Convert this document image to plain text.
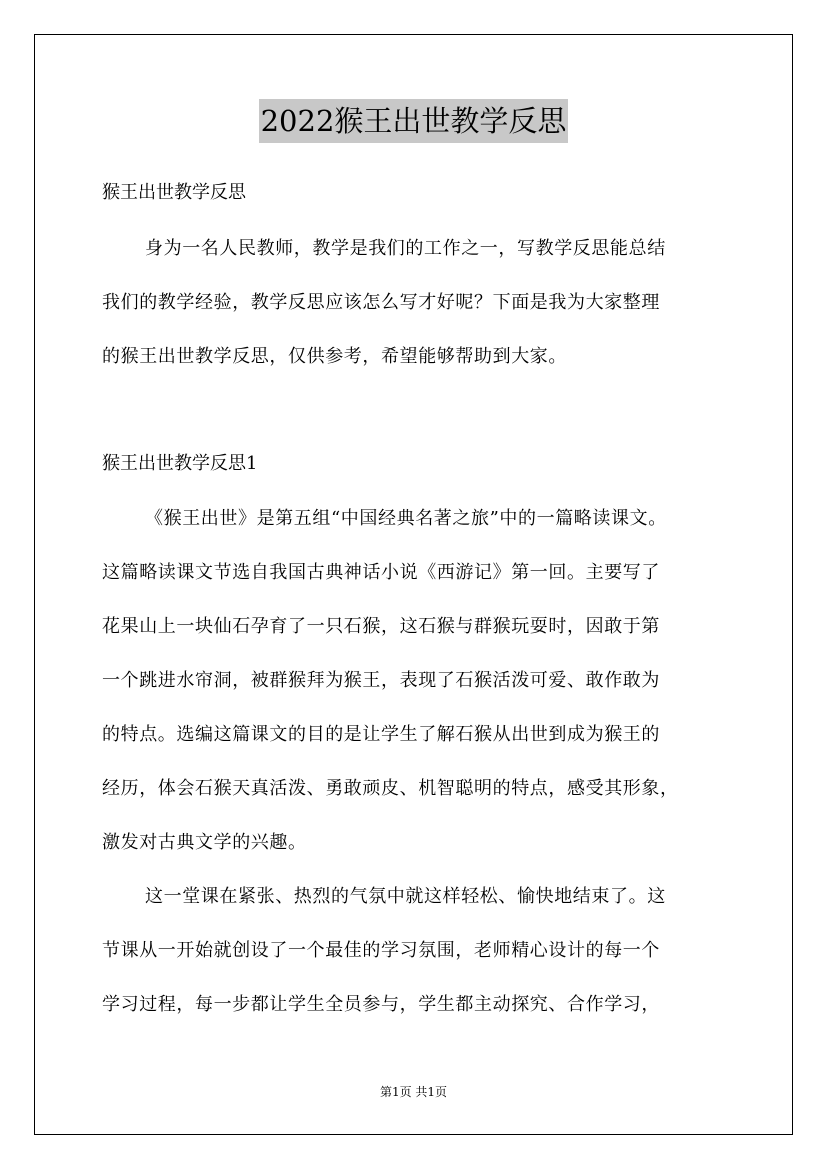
2022猴王出世教学反思
猴王出世教学反思
身为一名人民教师，教学是我们的工作之一，写教学反思能总结
我们的教学经验，教学反思应该怎么写才好呢？下面是我为大家整理
的猴王出世教学反思，仅供参考，希望能够帮助到大家。
猴王出世教学反思1
《猴王出世》是第五组“中国经典名著之旅”中的一篇略读课文。
这篇略读课文节选自我国古典神话小说《西游记》第一回。主要写了
花果山上一块仙石孕育了一只石猴，这石猴与群猴玩耍时，因敢于第
一个跳进水帘洞，被群猴拜为猴王，表现了石猴活泼可爱、敢作敢为
的特点。选编这篇课文的目的是让学生了解石猴从出世到成为猴王的
经历，体会石猴天真活泼、勇敢顽皮、机智聪明的特点，感受其形象，
激发对古典文学的兴趣。
这一堂课在紧张、热烈的气氛中就这样轻松、愉快地结束了。这
节课从一开始就创设了一个最佳的学习氛围，老师精心设计的每一个
学习过程，每一步都让学生全员参与，学生都主动探究、合作学习，
第1页 共1页
